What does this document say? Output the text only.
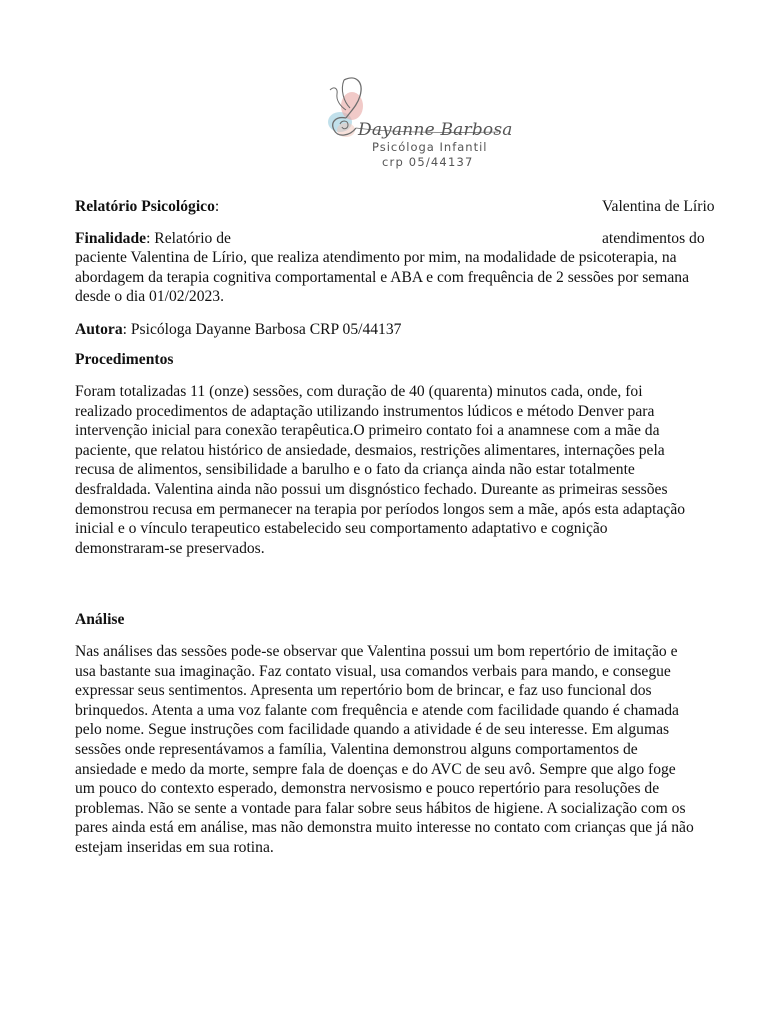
Dayanne Barbosa
Psicóloga Infantil
crp 05/44137
Relatório Psicológico:	Valentina de Lírio
Finalidade: Relatório de	atendimentos do

paciente Valentina de Lírio, que realiza atendimento por mim, na modalidade de psicoterapia, na abordagem da terapia cognitiva comportamental e ABA e com frequência de 2 sessões por semana desde o dia 01/02/2023.

Autora: Psicóloga Dayanne Barbosa CRP 05/44137
Procedimentos

Foram totalizadas 11 (onze) sessões, com duração de 40 (quarenta) minutos cada, onde, foi realizado procedimentos de adaptação utilizando instrumentos lúdicos e método Denver para intervenção inicial para conexão terapêutica.O primeiro contato foi a anamnese com a mãe da paciente, que relatou histórico de ansiedade, desmaios, restrições alimentares, internações pela recusa de alimentos, sensibilidade a barulho e o fato da criança ainda não estar totalmente desfraldada. Valentina ainda não possui um disgnóstico fechado. Dureante as primeiras sessões demonstrou recusa em permanecer na terapia por períodos longos sem a mãe, após esta adaptação inicial e o vínculo terapeutico estabelecido seu comportamento adaptativo e cognição demonstraram-se preservados.

Análise

Nas análises das sessões pode-se observar que Valentina possui um bom repertório de imitação e usa bastante sua imaginação. Faz contato visual, usa comandos verbais para mando, e consegue expressar seus sentimentos. Apresenta um repertório bom de brincar, e faz uso funcional dos brinquedos. Atenta a uma voz falante com frequência e atende com facilidade quando é chamada pelo nome. Segue instruções com facilidade quando a atividade é de seu interesse. Em algumas sessões onde representávamos a família, Valentina demonstrou alguns comportamentos de ansiedade e medo da morte, sempre fala de doenças e do AVC de seu avô. Sempre que algo foge um pouco do contexto esperado, demonstra nervosismo e pouco repertório para resoluções de problemas. Não se sente a vontade para falar sobre seus hábitos de higiene. A socialização com os pares ainda está em análise, mas não demonstra muito interesse no contato com crianças que já não estejam inseridas em sua rotina.
